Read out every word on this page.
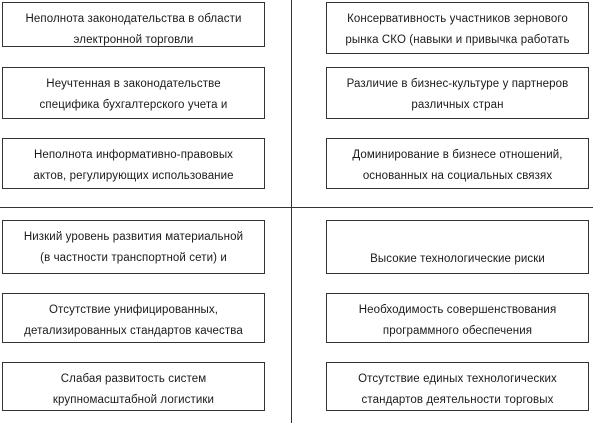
Неполнота законодательства в области
электронной торговли
Неучтенная в законодательстве
специфика бухгалтерского учета и
Неполнота информативно-правовых
актов, регулирующих использование
Низкий уровень развития материальной
(в частности транспортной сети) и
Отсутствие унифицированных,
детализированных стандартов качества
Слабая развитость систем
крупномасштабной логистики
Консервативность участников зернового
рынка СКО (навыки и привычка работать
Различие в бизнес-культуре у партнеров
различных стран
Доминирование в бизнесе отношений,
основанных на социальных связях
Высокие технологические риски
Необходимость совершенствования
программного обеспечения
Отсутствие единых технологических
стандартов деятельности торговых
